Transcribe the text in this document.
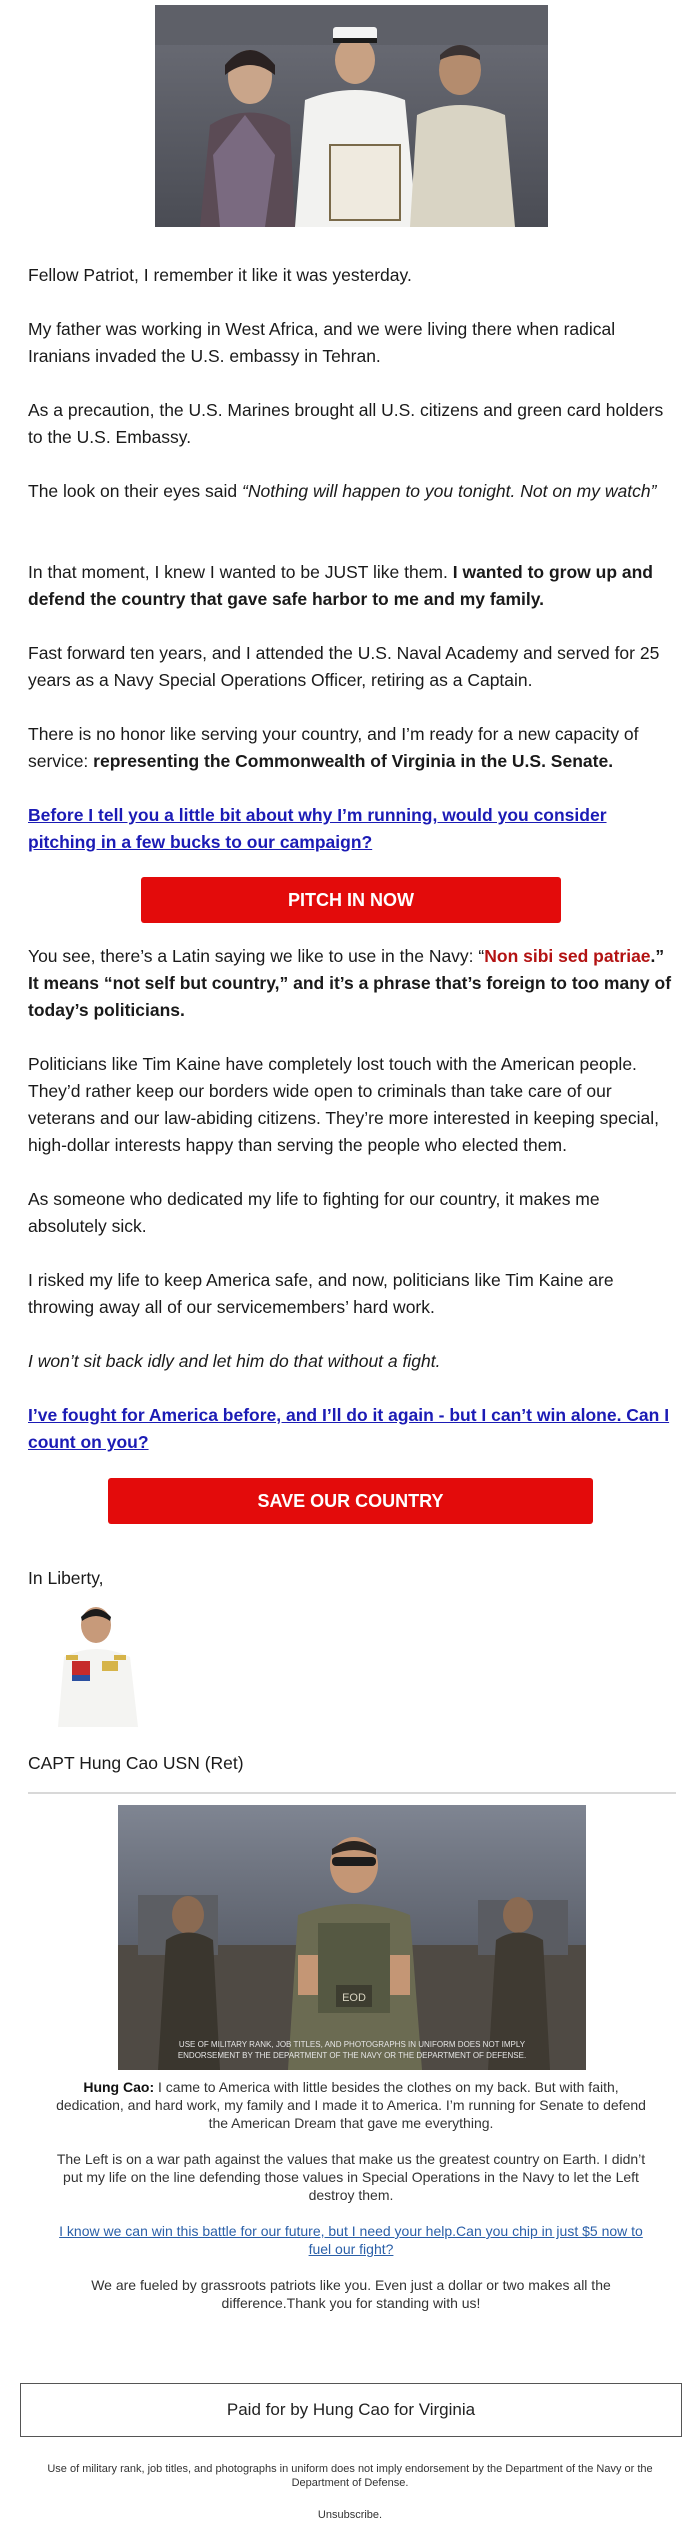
Fellow Patriot, I remember it like it was yesterday.

My father was working in West Africa, and we were living there when radical Iranians invaded the U.S. embassy in Tehran.

As a precaution, the U.S. Marines brought all U.S. citizens and green card holders to the U.S. Embassy.

The look on their eyes said “Nothing will happen to you tonight. Not on my watch”

In that moment, I knew I wanted to be JUST like them. I wanted to grow up and defend the country that gave safe harbor to me and my family.

Fast forward ten years, and I attended the U.S. Naval Academy and served for 25 years as a Navy Special Operations Officer, retiring as a Captain.

There is no honor like serving your country, and I’m ready for a new capacity of service: representing the Commonwealth of Virginia in the U.S. Senate.

Before I tell you a little bit about why I’m running, would you consider pitching in a few bucks to our campaign?
PITCH IN NOW

You see, there’s a Latin saying we like to use in the Navy: “Non sibi sed patriae.” It means “not self but country,” and it’s a phrase that’s foreign to too many of today’s politicians.

Politicians like Tim Kaine have completely lost touch with the American people. They’d rather keep our borders wide open to criminals than take care of our veterans and our law-abiding citizens. They’re more interested in keeping special, high-dollar interests happy than serving the people who elected them.

As someone who dedicated my life to fighting for our country, it makes me absolutely sick.

I risked my life to keep America safe, and now, politicians like Tim Kaine are throwing away all of our servicemembers’ hard work.

I won’t sit back idly and let him do that without a fight.

I’ve fought for America before, and I’ll do it again - but I can’t win alone. Can I count on you?
SAVE OUR COUNTRY

In Liberty,

CAPT Hung Cao USN (Ret)

EOD
USE OF MILITARY RANK, JOB TITLES, AND PHOTOGRAPHS IN UNIFORM DOES NOT IMPLY
ENDORSEMENT BY THE DEPARTMENT OF THE NAVY OR THE DEPARTMENT OF DEFENSE.
Hung Cao: I came to America with little besides the clothes on my back. But with faith, dedication, and hard work, my family and I made it to America. I’m running for Senate to defend the American Dream that gave me everything.
The Left is on a war path against the values that make us the greatest country on Earth. I didn’t put my life on the line defending those values in Special Operations in the Navy to let the Left destroy them.
I know we can win this battle for our future, but I need your help.Can you chip in just $5 now to fuel our fight?
We are fueled by grassroots patriots like you. Even just a dollar or two makes all the difference.Thank you for standing with us!
Paid for by Hung Cao for Virginia
Use of military rank, job titles, and photographs in uniform does not imply endorsement by the Department of the Navy or the Department of Defense.
Unsubscribe.
